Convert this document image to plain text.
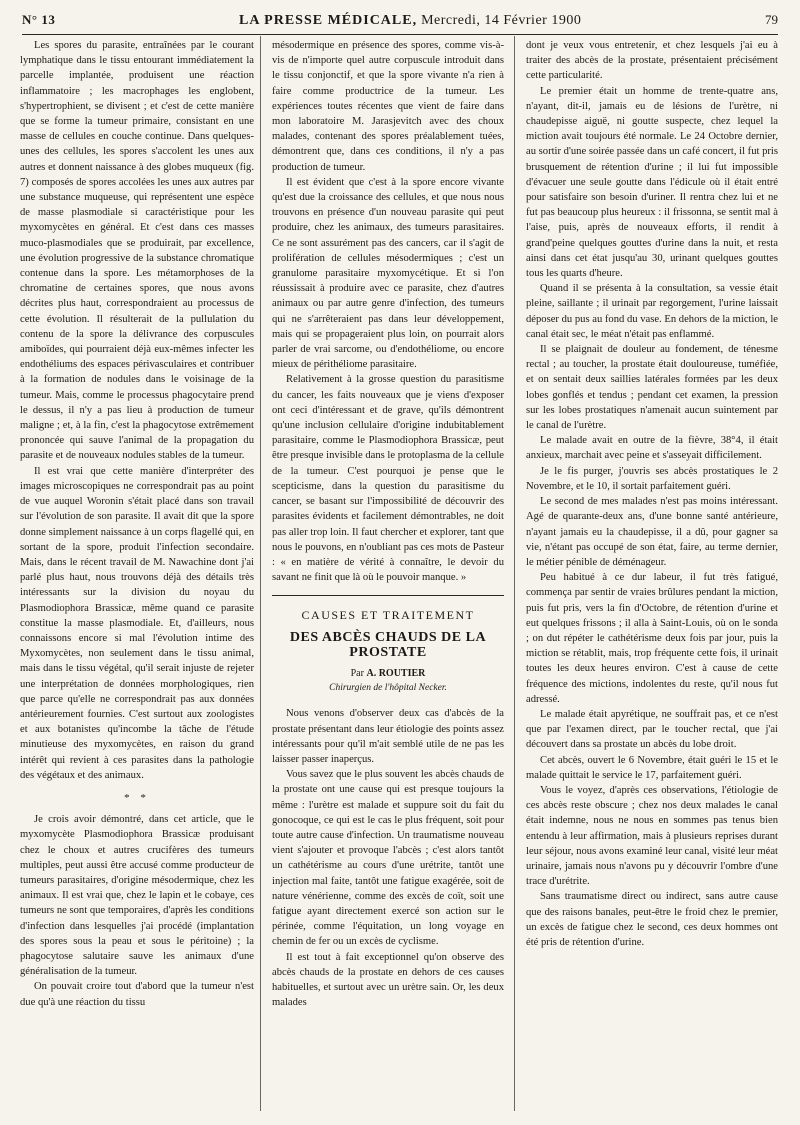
N° 13	LA PRESSE MÉDICALE, Mercredi, 14 Février 1900	79

Les spores du parasite, entraînées par le courant lymphatique dans le tissu entourant immédiatement la parcelle implantée, produisent une réaction inflammatoire ; les macrophages les englobent, s'hypertrophient, se divisent ; et c'est de cette manière que se forme la tumeur primaire, consistant en une masse de cellules en couche continue. Dans quelques-unes des cellules, les spores s'accolent les unes aux autres et donnent naissance à des globes muqueux (fig. 7) composés de spores accolées les unes aux autres par une substance muqueuse, qui représentent une espèce de masse plasmodiale si caractéristique pour les myxomycètes en général. Et c'est dans ces masses muco-plasmodiales que se produirait, par excellence, une évolution progressive de la substance chromatique contenue dans la spore. Les métamorphoses de la chromatine de certaines spores, que nous avons décrites plus haut, correspondraient au processus de cette évolution. Il résulterait de la pullulation du contenu de la spore la délivrance des corpuscules amiboïdes, qui pourraient déjà eux-mêmes infecter les endothéliums des espaces périvasculaires et contribuer à la formation de nodules dans le voisinage de la tumeur. Mais, comme le processus phagocytaire prend le dessus, il n'y a pas lieu à production de tumeur maligne ; et, à la fin, c'est la phagocytose extrêmement prononcée qui sauve l'animal de la propagation du parasite et de nouveaux nodules stables de la tumeur.

Il est vrai que cette manière d'interpréter des images microscopiques ne correspondrait pas au point de vue auquel Woronin s'était placé dans son travail sur l'évolution de son parasite. Il avait dit que la spore donne simplement naissance à un corps flagellé qui, en sortant de la spore, produit l'infection secondaire. Mais, dans le récent travail de M. Nawachine dont j'ai parlé plus haut, nous trouvons déjà des détails très intéressants sur la division du noyau du Plasmodiophora Brassicæ, même quand ce parasite constitue la masse plasmodiale. Et, d'ailleurs, nous connaissons encore si mal l'évolution intime des Myxomycètes, non seulement dans le tissu animal, mais dans le tissu végétal, qu'il serait injuste de rejeter une interprétation de données morphologiques, rien que parce qu'elle ne correspondrait pas aux données antérieurement fournies. C'est surtout aux zoologistes et aux botanistes qu'incombe la tâche de l'étude minutieuse des myxomycètes, en raison du grand intérêt qui revient à ces parasites dans la pathologie des végétaux et des animaux.

* *

Je crois avoir démontré, dans cet article, que le myxomycète Plasmodiophora Brassicæ produisant chez le choux et autres crucifères des tumeurs multiples, peut aussi être accusé comme producteur de tumeurs parasitaires, d'origine mésodermique, chez les animaux. Il est vrai que, chez le lapin et le cobaye, ces tumeurs ne sont que temporaires, d'après les conditions d'infection dans lesquelles j'ai procédé (implantation des spores sous la peau et sous le péritoine) ; la phagocytose salutaire sauve les animaux d'une généralisation de la tumeur.

On pouvait croire tout d'abord que la tumeur n'est due qu'à une réaction du tissu

mésodermique en présence des spores, comme vis-à-vis de n'importe quel autre corpuscule introduit dans le tissu conjonctif, et que la spore vivante n'a rien à faire comme productrice de la tumeur. Les expériences toutes récentes que vient de faire dans mon laboratoire M. Jarasjevitch avec des choux malades, contenant des spores préalablement tuées, démontrent que, dans ces conditions, il n'y a pas production de tumeur.

Il est évident que c'est à la spore encore vivante qu'est due la croissance des cellules, et que nous nous trouvons en présence d'un nouveau parasite qui peut produire, chez les animaux, des tumeurs parasitaires. Ce ne sont assurément pas des cancers, car il s'agit de prolifération de cellules mésodermiques ; c'est un granulome parasitaire myxomycétique. Et si l'on réussissait à produire avec ce parasite, chez d'autres animaux ou par autre genre d'infection, des tumeurs qui ne s'arrêteraient pas dans leur développement, mais qui se propageraient plus loin, on pourrait alors parler de vrai sarcome, ou d'endothéliome, ou encore mieux de périthéliome parasitaire.

Relativement à la grosse question du parasitisme du cancer, les faits nouveaux que je viens d'exposer ont ceci d'intéressant et de grave, qu'ils démontrent qu'une inclusion cellulaire d'origine indubitablement parasitaire, comme le Plasmodiophora Brassicæ, peut être presque invisible dans le protoplasma de la cellule de la tumeur. C'est pourquoi je pense que le scepticisme, dans la question du parasitisme du cancer, se basant sur l'impossibilité de découvrir des parasites évidents et facilement démontrables, ne doit pas aller trop loin. Il faut chercher et explorer, tant que nous le pouvons, en n'oubliant pas ces mots de Pasteur : « en matière de vérité à connaître, le devoir du savant ne finit que là où le pouvoir manque. »

CAUSES ET TRAITEMENT
DES ABCÈS CHAUDS DE LA PROSTATE
Par A. ROUTIER
Chirurgien de l'hôpital Necker.

Nous venons d'observer deux cas d'abcès de la prostate présentant dans leur étiologie des points assez intéressants pour qu'il m'ait semblé utile de ne pas les laisser passer inaperçus.

Vous savez que le plus souvent les abcès chauds de la prostate ont une cause qui est presque toujours la même : l'urètre est malade et suppure soit du fait du gonocoque, ce qui est le cas le plus fréquent, soit pour toute autre cause d'infection. Un traumatisme nouveau vient s'ajouter et provoque l'abcès ; c'est alors tantôt un cathétérisme au cours d'une urétrite, tantôt une injection mal faite, tantôt une fatigue exagérée, soit de nature vénérienne, comme des excès de coït, soit une fatigue ayant directement exercé son action sur le périnée, comme l'équitation, un long voyage en chemin de fer ou un excès de cyclisme.

Il est tout à fait exceptionnel qu'on observe des abcès chauds de la prostate en dehors de ces causes habituelles, et surtout avec un urètre sain. Or, les deux malades

dont je veux vous entretenir, et chez lesquels j'ai eu à traiter des abcès de la prostate, présentaient précisément cette particularité.

Le premier était un homme de trente-quatre ans, n'ayant, dit-il, jamais eu de lésions de l'urètre, ni chaudepisse aiguë, ni goutte suspecte, chez lequel la miction avait toujours été normale. Le 24 Octobre dernier, au sortir d'une soirée passée dans un café concert, il fut pris brusquement de rétention d'urine ; il lui fut impossible d'évacuer une seule goutte dans l'édicule où il était entré pour satisfaire son besoin d'uriner. Il rentra chez lui et ne fut pas beaucoup plus heureux : il frissonna, se sentit mal à l'aise, puis, après de nouveaux efforts, il rendit à grand'peine quelques gouttes d'urine dans la nuit, et resta ainsi dans cet état jusqu'au 30, urinant quelques gouttes tous les quarts d'heure.

Quand il se présenta à la consultation, sa vessie était pleine, saillante ; il urinait par regorgement, l'urine laissait déposer du pus au fond du vase. En dehors de la miction, le canal était sec, le méat n'était pas enflammé.

Il se plaignait de douleur au fondement, de ténesme rectal ; au toucher, la prostate était douloureuse, tuméfiée, et on sentait deux saillies latérales formées par les deux lobes gonflés et tendus ; pendant cet examen, la pression sur les lobes prostatiques n'amenait aucun suintement par le canal de l'urètre.

Le malade avait en outre de la fièvre, 38°4, il était anxieux, marchait avec peine et s'asseyait difficilement.

Je le fis purger, j'ouvris ses abcès prostatiques le 2 Novembre, et le 10, il sortait parfaitement guéri.

Le second de mes malades n'est pas moins intéressant. Agé de quarante-deux ans, d'une bonne santé antérieure, n'ayant jamais eu la chaudepisse, il a dû, pour gagner sa vie, n'étant pas occupé de son état, faire, au terme dernier, le métier pénible de déménageur.

Peu habitué à ce dur labeur, il fut très fatigué, commença par sentir de vraies brûlures pendant la miction, puis fut pris, vers la fin d'Octobre, de rétention d'urine et eut quelques frissons ; il alla à Saint-Louis, où on le sonda ; on dut répéter le cathétérisme deux fois par jour, puis la miction se rétablit, mais, trop fréquente cette fois, il urinait toutes les deux heures environ. C'est à cause de cette fréquence des mictions, indolentes du reste, qu'il nous fut adressé.

Le malade était apyrétique, ne souffrait pas, et ce n'est que par l'examen direct, par le toucher rectal, que j'ai découvert dans sa prostate un abcès du lobe droit.

Cet abcès, ouvert le 6 Novembre, était guéri le 15 et le malade quittait le service le 17, parfaitement guéri.

Vous le voyez, d'après ces observations, l'étiologie de ces abcès reste obscure ; chez nos deux malades le canal était indemne, nous ne nous en sommes pas tenus bien entendu à leur affirmation, mais à plusieurs reprises durant leur séjour, nous avons examiné leur canal, visité leur méat urinaire, jamais nous n'avons pu y découvrir l'ombre d'une trace d'urétrite.

Sans traumatisme direct ou indirect, sans autre cause que des raisons banales, peut-être le froid chez le premier, un excès de fatigue chez le second, ces deux hommes ont été pris de rétention d'urine.
